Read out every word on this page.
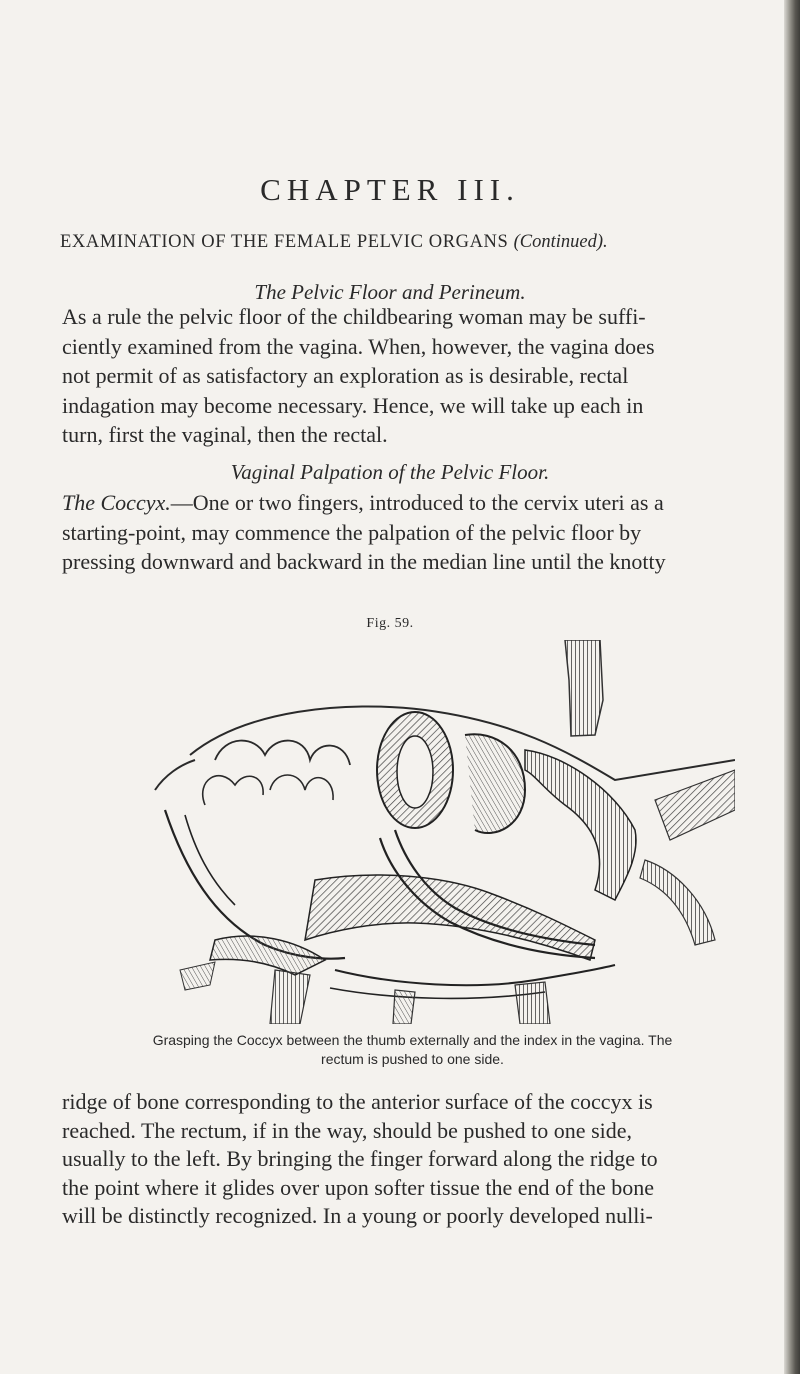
CHAPTER III.
EXAMINATION OF THE FEMALE PELVIC ORGANS (Continued).
The Pelvic Floor and Perineum.
As a rule the pelvic floor of the childbearing woman may be suffi-
ciently examined from the vagina. When, however, the vagina does
not permit of as satisfactory an exploration as is desirable, rectal
indagation may become necessary. Hence, we will take up each in
turn, first the vaginal, then the rectal.
Vaginal Palpation of the Pelvic Floor.
The Coccyx.—One or two fingers, introduced to the cervix uteri as a
starting-point, may commence the palpation of the pelvic floor by
pressing downward and backward in the median line until the knotty
Fig. 59.
Grasping the Coccyx between the thumb externally and the index in the vagina. The
rectum is pushed to one side.
ridge of bone corresponding to the anterior surface of the coccyx is
reached. The rectum, if in the way, should be pushed to one side,
usually to the left. By bringing the finger forward along the ridge to
the point where it glides over upon softer tissue the end of the bone
will be distinctly recognized. In a young or poorly developed nulli-
